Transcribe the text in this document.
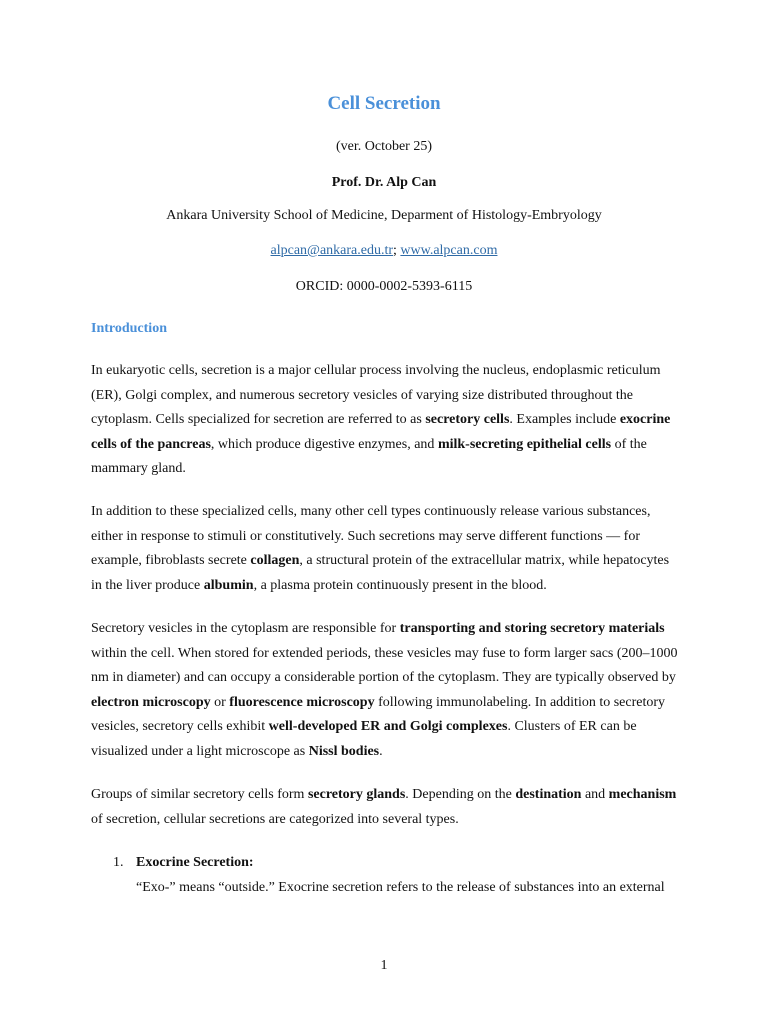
Cell Secretion
(ver. October 25)
Prof. Dr. Alp Can
Ankara University School of Medicine, Deparment of Histology-Embryology
alpcan@ankara.edu.tr; www.alpcan.com
ORCID: 0000-0002-5393-6115
Introduction

In eukaryotic cells, secretion is a major cellular process involving the nucleus, endoplasmic reticulum (ER), Golgi complex, and numerous secretory vesicles of varying size distributed throughout the cytoplasm. Cells specialized for secretion are referred to as secretory cells. Examples include exocrine cells of the pancreas, which produce digestive enzymes, and milk-secreting epithelial cells of the mammary gland.

In addition to these specialized cells, many other cell types continuously release various substances, either in response to stimuli or constitutively. Such secretions may serve different functions — for example, fibroblasts secrete collagen, a structural protein of the extracellular matrix, while hepatocytes in the liver produce albumin, a plasma protein continuously present in the blood.

Secretory vesicles in the cytoplasm are responsible for transporting and storing secretory materials within the cell. When stored for extended periods, these vesicles may fuse to form larger sacs (200–1000 nm in diameter) and can occupy a considerable portion of the cytoplasm. They are typically observed by electron microscopy or fluorescence microscopy following immunolabeling. In addition to secretory vesicles, secretory cells exhibit well-developed ER and Golgi complexes. Clusters of ER can be visualized under a light microscope as Nissl bodies.

Groups of similar secretory cells form secretory glands. Depending on the destination and mechanism of secretion, cellular secretions are categorized into several types.

1. Exocrine Secretion:
“Exo-” means “outside.” Exocrine secretion refers to the release of substances into an external
1
